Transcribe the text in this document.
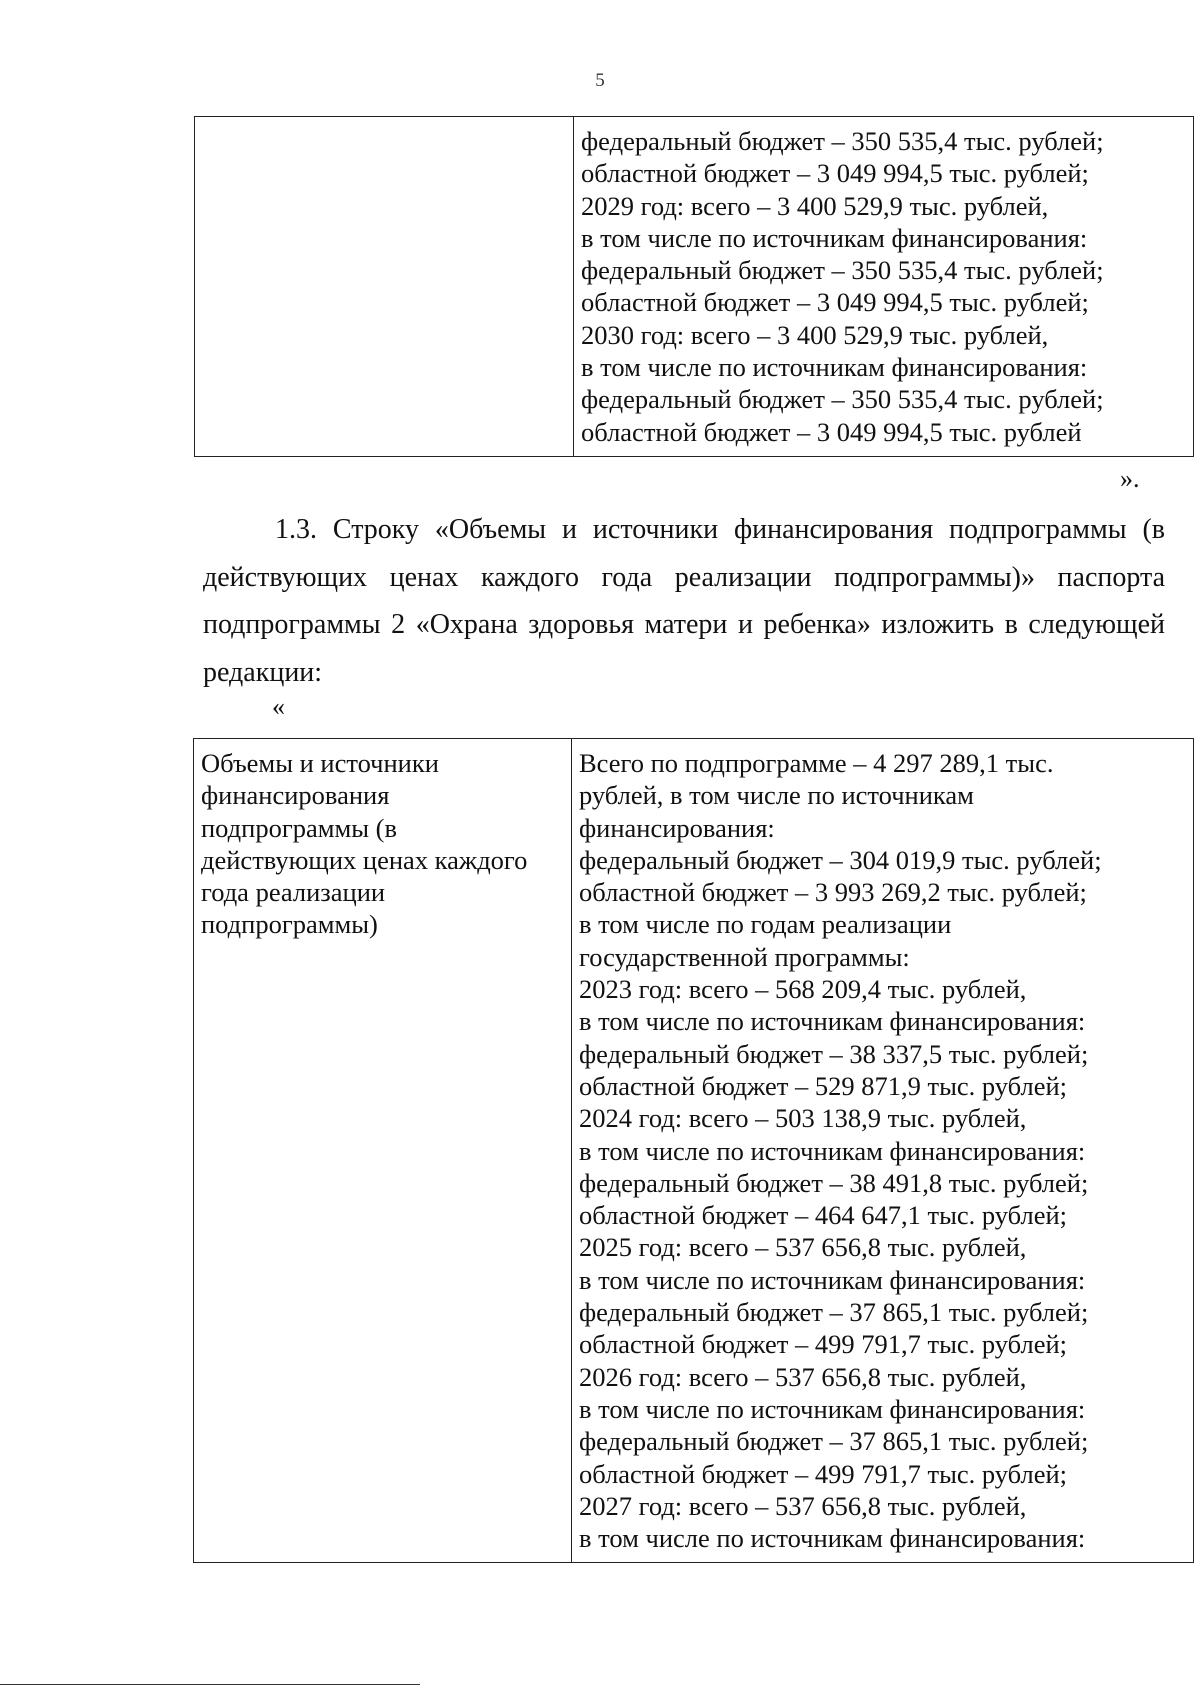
5

федеральный бюджет – 350 535,4 тыс. рублей;
областной бюджет – 3 049 994,5 тыс. рублей;
2029 год: всего – 3 400 529,9 тыс. рублей,
в том числе по источникам финансирования:
федеральный бюджет – 350 535,4 тыс. рублей;
областной бюджет – 3 049 994,5 тыс. рублей;
2030 год: всего – 3 400 529,9 тыс. рублей,
в том числе по источникам финансирования:
федеральный бюджет – 350 535,4 тыс. рублей;
областной бюджет – 3 049 994,5 тыс. рублей
».
1.3. Строку «Объемы и источники финансирования подпрограммы (в
действующих ценах каждого года реализации подпрограммы)» паспорта
подпрограммы 2 «Охрана здоровья матери и ребенка» изложить в следующей
редакции:
«
Объемы и источники
финансирования
подпрограммы (в
действующих ценах каждого
года реализации
подпрограммы)

Всего по подпрограмме – 4 297 289,1 тыс.
рублей, в том числе по источникам
финансирования:
федеральный бюджет – 304 019,9 тыс. рублей;
областной бюджет – 3 993 269,2 тыс. рублей;
в том числе по годам реализации
государственной программы:
2023 год: всего – 568 209,4 тыс. рублей,
в том числе по источникам финансирования:
федеральный бюджет – 38 337,5 тыс. рублей;
областной бюджет – 529 871,9 тыс. рублей;
2024 год: всего – 503 138,9 тыс. рублей,
в том числе по источникам финансирования:
федеральный бюджет – 38 491,8 тыс. рублей;
областной бюджет – 464 647,1 тыс. рублей;
2025 год: всего – 537 656,8 тыс. рублей,
в том числе по источникам финансирования:
федеральный бюджет – 37 865,1 тыс. рублей;
областной бюджет – 499 791,7 тыс. рублей;
2026 год: всего – 537 656,8 тыс. рублей,
в том числе по источникам финансирования:
федеральный бюджет – 37 865,1 тыс. рублей;
областной бюджет – 499 791,7 тыс. рублей;
2027 год: всего – 537 656,8 тыс. рублей,
в том числе по источникам финансирования:
